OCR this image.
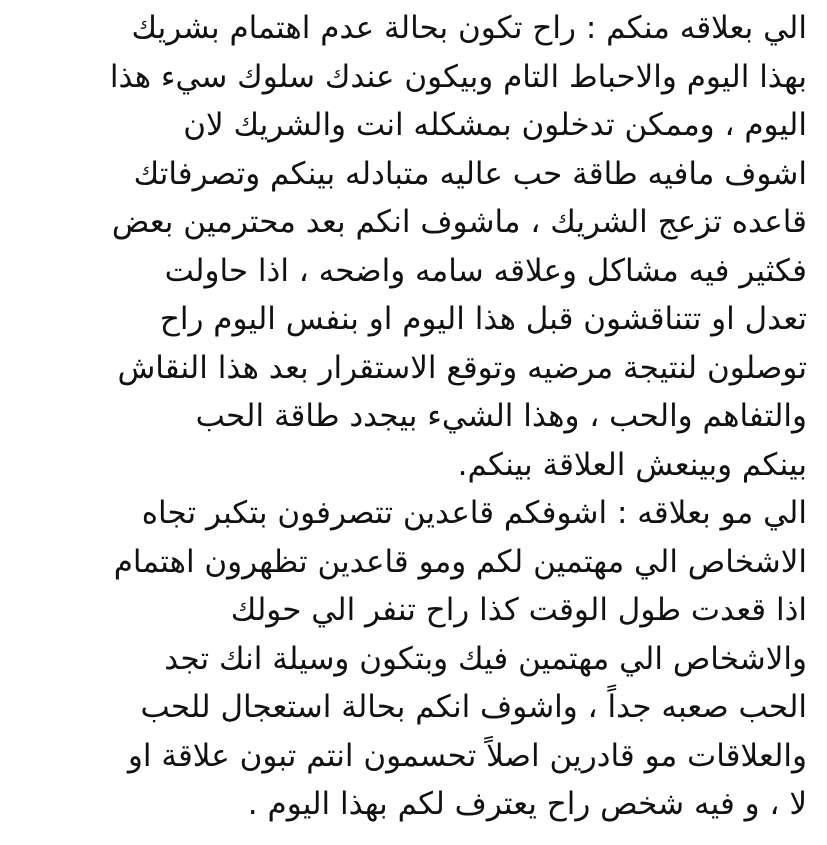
الي بعلاقه منكم : راح تكون بحالة عدم اهتمام بشريك
بهذا اليوم والاحباط التام وبيكون عندك سلوك سيء هذا
اليوم ، وممكن تدخلون بمشكله انت والشريك لان
اشوف مافيه طاقة حب عاليه متبادله بينكم وتصرفاتك
قاعده تزعج الشريك ، ماشوف انكم بعد محترمين بعض
فكثير فيه مشاكل وعلاقه سامه واضحه ، اذا حاولت
تعدل او تتناقشون قبل هذا اليوم او بنفس اليوم راح
توصلون لنتيجة مرضيه وتوقع الاستقرار بعد هذا النقاش
والتفاهم والحب ، وهذا الشيء بيجدد طاقة الحب
بينكم وبينعش العلاقة بينكم.
الي مو بعلاقه : اشوفكم قاعدين تتصرفون بتكبر تجاه
الاشخاص الي مهتمين لكم ومو قاعدين تظهرون اهتمام
اذا قعدت طول الوقت كذا راح تنفر الي حولك
والاشخاص الي مهتمين فيك وبتكون وسيلة انك تجد
الحب صعبه جداً ، واشوف انكم بحالة استعجال للحب
والعلاقات مو قادرين اصلاً تحسمون انتم تبون علاقة او
لا ، و فيه شخص راح يعترف لكم بهذا اليوم .
